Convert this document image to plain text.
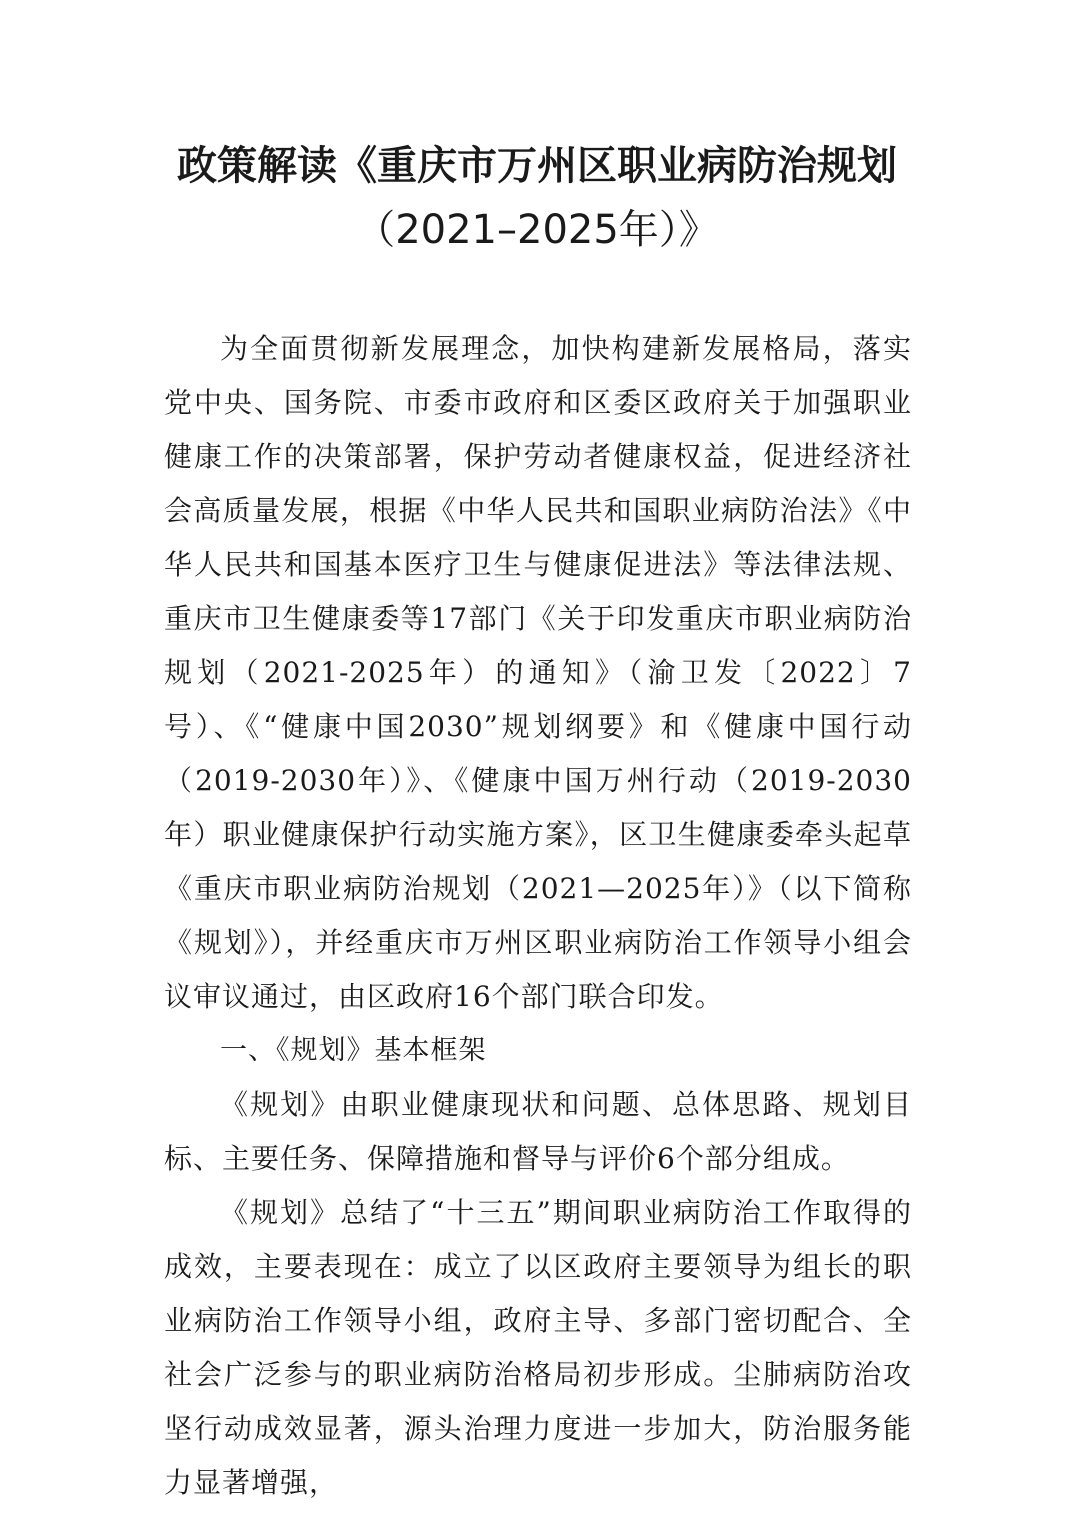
政策解读《重庆市万州区职业病防治规划
（2021–2025年）》

为全面贯彻新发展理念，加快构建新发展格局，落实党中央、国务院、市委市政府和区委区政府关于加强职业健康工作的决策部署，保护劳动者健康权益，促进经济社会高质量发展，根据《中华人民共和国职业病防治法》《中华人民共和国基本医疗卫生与健康促进法》等法律法规、重庆市卫生健康委等17部门《关于印发重庆市职业病防治规划（2021-2025年）的通知》（渝卫发〔2022〕7号）、《“健康中国2030”规划纲要》和《健康中国行动（2019-2030年）》、《健康中国万州行动（2019-2030年）职业健康保护行动实施方案》，区卫生健康委牵头起草《重庆市职业病防治规划（2021—2025年）》（以下简称《规划》），并经重庆市万州区职业病防治工作领导小组会议审议通过，由区政府16个部门联合印发。

一、《规划》基本框架

《规划》由职业健康现状和问题、总体思路、规划目标、主要任务、保障措施和督导与评价6个部分组成。

《规划》总结了“十三五”期间职业病防治工作取得的成效，主要表现在：成立了以区政府主要领导为组长的职业病防治工作领导小组，政府主导、多部门密切配合、全社会广泛参与的职业病防治格局初步形成。尘肺病防治攻坚行动成效显著，源头治理力度进一步加大，防治服务能力显著增强，
